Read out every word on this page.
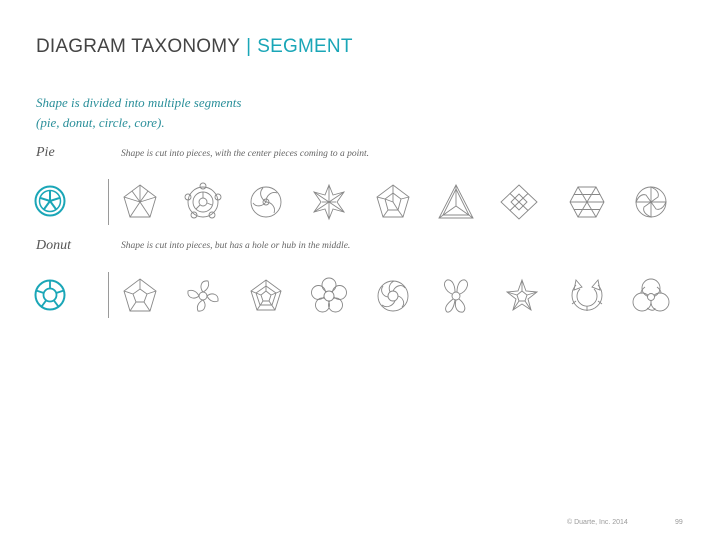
DIAGRAM TAXONOMY | SEGMENT
Shape is divided into multiple segments
(pie, donut, circle, core).
Pie	Shape is cut into pieces, with the center pieces coming to a point.
Donut	Shape is cut into pieces, but has a hole or hub in the middle.
© Duarte, Inc. 2014	99
